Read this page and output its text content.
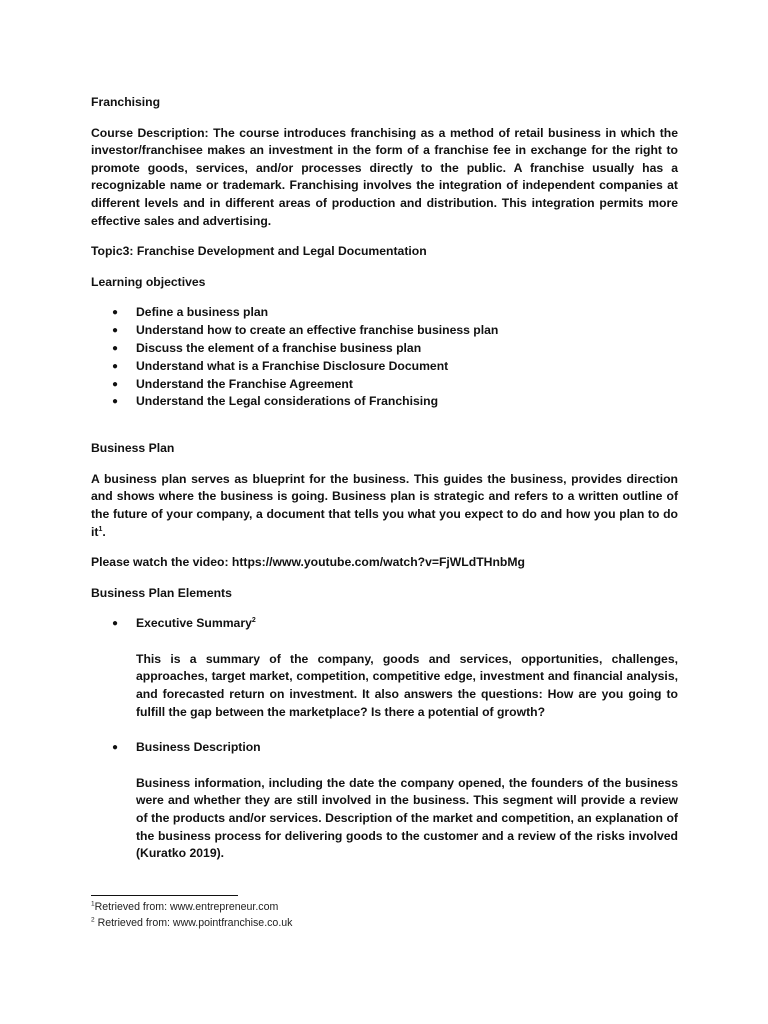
Franchising
Course Description: The course introduces franchising as a method of retail business in which the investor/franchisee makes an investment in the form of a franchise fee in exchange for the right to promote goods, services, and/or processes directly to the public. A franchise usually has a recognizable name or trademark. Franchising involves the integration of independent companies at different levels and in different areas of production and distribution. This integration permits more effective sales and advertising.
Topic3: Franchise Development and Legal Documentation
Learning objectives
● Define a business plan
● Understand how to create an effective franchise business plan
● Discuss the element of a franchise business plan
● Understand what is a Franchise Disclosure Document
● Understand the Franchise Agreement
● Understand the Legal considerations of Franchising
Business Plan
A business plan serves as blueprint for the business. This guides the business, provides direction and shows where the business is going. Business plan is strategic and refers to a written outline of the future of your company, a document that tells you what you expect to do and how you plan to do $it^1$.
Please watch the video: https://www.youtube.com/watch?v=FjWLdTHnbMg
Business Plan Elements
● Executive Summary$^2$
This is a summary of the company, goods and services, opportunities, challenges, approaches, target market, competition, competitive edge, investment and financial analysis, and forecasted return on investment. It also answers the questions: How are you going to fulfill the gap between the marketplace? Is there a potential of growth?
● Business Description
Business information, including the date the company opened, the founders of the business were and whether they are still involved in the business. This segment will provide a review of the products and/or services. Description of the market and competition, an explanation of the business process for delivering goods to the customer and a review of the risks involved (Kuratko 2019).
$^1$Retrieved from: www.entrepreneur.com
$^2$ Retrieved from: www.pointfranchise.co.uk
